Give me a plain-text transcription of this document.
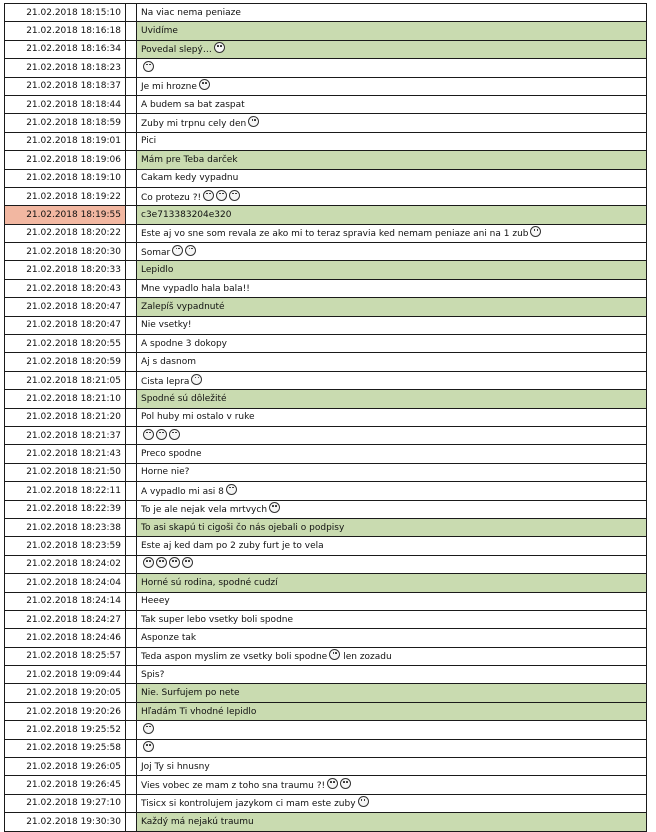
21.02.2018 18:15:10		Na viac nema peniaze
21.02.2018 18:16:18		Uvidíme
21.02.2018 18:16:34		Povedal slepý…
21.02.2018 18:18:23		
21.02.2018 18:18:37		Je mi hrozne
21.02.2018 18:18:44		A budem sa bat zaspat
21.02.2018 18:18:59		Zuby mi trpnu cely den
21.02.2018 18:19:01		Pici
21.02.2018 18:19:06		Mám pre Teba darček
21.02.2018 18:19:10		Cakam kedy vypadnu
21.02.2018 18:19:22		Co protezu ?!
21.02.2018 18:19:55		c3e713383204e320
21.02.2018 18:20:22		Este aj vo sne som revala ze ako mi to teraz spravia ked nemam peniaze ani na 1 zub
21.02.2018 18:20:30		Somar
21.02.2018 18:20:33		Lepidlo
21.02.2018 18:20:43		Mne vypadlo hala bala!!
21.02.2018 18:20:47		Zalepíš vypadnuté
21.02.2018 18:20:47		Nie vsetky!
21.02.2018 18:20:55		A spodne 3 dokopy
21.02.2018 18:20:59		Aj s dasnom
21.02.2018 18:21:05		Cista lepra
21.02.2018 18:21:10		Spodné sú dôležité
21.02.2018 18:21:20		Pol huby mi ostalo v ruke
21.02.2018 18:21:37		
21.02.2018 18:21:43		Preco spodne
21.02.2018 18:21:50		Horne nie?
21.02.2018 18:22:11		A vypadlo mi asi 8
21.02.2018 18:22:39		To je ale nejak vela mrtvych
21.02.2018 18:23:38		To asi skapú ti cigoši čo nás ojebali o podpisy
21.02.2018 18:23:59		Este aj ked dam po 2 zuby furt je to vela
21.02.2018 18:24:02		
21.02.2018 18:24:04		Horné sú rodina, spodné cudzí
21.02.2018 18:24:14		Heeey
21.02.2018 18:24:27		Tak super lebo vsetky boli spodne
21.02.2018 18:24:46		Asponze tak
21.02.2018 18:25:57		Teda aspon myslim ze vsetky boli spodne len zozadu
21.02.2018 19:09:44		Spis?
21.02.2018 19:20:05		Nie. Surfujem po nete
21.02.2018 19:20:26		Hľadám Ti vhodné lepidlo
21.02.2018 19:25:52		
21.02.2018 19:25:58		
21.02.2018 19:26:05		Joj Ty si hnusny
21.02.2018 19:26:45		Vies vobec ze mam z toho sna traumu ?!
21.02.2018 19:27:10		Tisicx si kontrolujem jazykom ci mam este zuby
21.02.2018 19:30:30		Každý má nejakú traumu
